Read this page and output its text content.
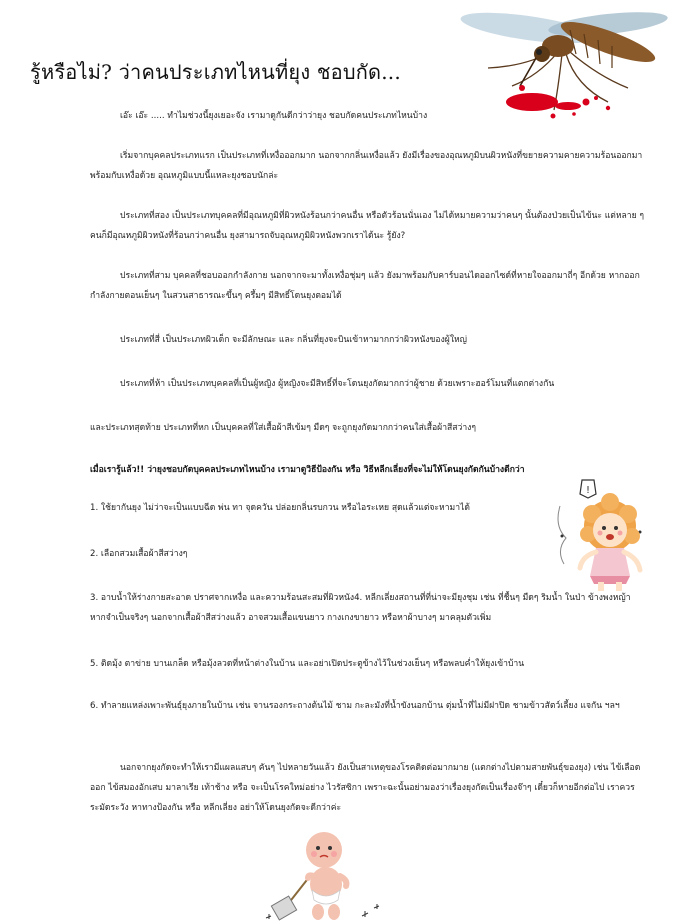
รู้หรือไม่? ว่าคนประเภทไหนที่ยุง ชอบกัด...

เอ๊ะ เอ๊ะ ..... ทำไมช่วงนี้ยุงเยอะจัง เรามาดูกันดีกว่าว่ายุง ชอบกัดคนประเภทไหนบ้าง

เริ่มจากบุคคลประเภทแรก เป็นประเภทที่เหงื่อออกมาก นอกจากกลิ่นเหงื่อแล้ว ยังมีเรื่องของอุณหภูมิบนผิวหนังที่ขยายความคายความร้อนออกมาพร้อมกับเหงื่อด้วย อุณหภูมิแบบนี้แหละยุงชอบนักล่ะ

ประเภทที่สอง เป็นประเภทบุคคลที่มีอุณหภูมิที่ผิวหนังร้อนกว่าคนอื่น หรือตัวร้อนนั่นเอง ไม่ได้หมายความว่าคนๆ นั้นต้องป่วยเป็นไข้นะ แต่หลาย ๆ คนก็มีอุณหภูมิผิวหนังที่ร้อนกว่าคนอื่น ยุงสามารถจับอุณหภูมิผิวหนังพวกเราได้นะ รู้ยัง?

ประเภทที่สาม บุคคลที่ชอบออกกำลังกาย นอกจากจะมาทั้งเหงื่อชุ่มๆ แล้ว ยังมาพร้อมกับคาร์บอนไดออกไซด์ที่หายใจออกมาถี่ๆ อีกด้วย หากออกกำลังกายตอนเย็นๆ ในสวนสาธารณะขึ้นๆ ครึ้มๆ มีสิทธิ์โดนยุงตอมได้

ประเภทที่สี่ เป็นประเภทผิวเด็ก จะมีลักษณะ และ กลิ่นที่ยุงจะบินเข้าหามากกว่าผิวหนังของผู้ใหญ่

ประเภทที่ห้า เป็นประเภทบุคคลที่เป็นผู้หญิง ผู้หญิงจะมีสิทธิ์ที่จะโดนยุงกัดมากกว่าผู้ชาย ด้วยเพราะฮอร์โมนที่แตกต่างกัน

และประเภทสุดท้าย ประเภทที่หก เป็นบุคคลที่ใส่เสื้อผ้าสีเข้มๆ มืดๆ จะถูกยุงกัดมากกว่าคนใส่เสื้อผ้าสีสว่างๆ

เมื่อเรารู้แล้ว!! ว่ายุงชอบกัดบุคคลประเภทไหนบ้าง เรามาดูวิธีป้องกัน หรือ วิธีหลีกเลี่ยงที่จะไม่ให้โดนยุงกัดกันบ้างดีกว่า

!

1. ใช้ยากันยุง ไม่ว่าจะเป็นแบบฉีด พ่น ทา จุดควัน ปล่อยกลิ่นรบกวน หรือไอระเหย สุดแล้วแต่จะหามาได้

2. เลือกสวมเสื้อผ้าสีสว่างๆ

3. อาบน้ำให้ร่างกายสะอาด ปราศจากเหงื่อ และความร้อนสะสมที่ผิวหนัง4. หลีกเลี่ยงสถานที่ที่น่าจะมียุงชุม เช่น ที่ชื้นๆ มืดๆ ริมน้ำ ในป่า ข้างพงหญ้า หากจำเป็นจริงๆ นอกจากเสื้อผ้าสีสว่างแล้ว อาจสวมเสื้อแขนยาว กางเกงขายาว หรือหาผ้าบางๆ มาคลุมตัวเพิ่ม

5. ติดมุ้ง ตาข่าย บานเกล็ด หรือมุ้งลวดที่หน้าต่างในบ้าน และอย่าเปิดประตูข้างไว้ในช่วงเย็นๆ หรือพลบค่ำให้ยุงเข้าบ้าน

6. ทำลายแหล่งเพาะพันธุ์ยุงภายในบ้าน เช่น จานรองกระถางต้นไม้ ชาม กะละมังที่น้ำขังนอกบ้าน ตุ่มน้ำที่ไม่มีฝาปิด ชามข้าวสัตว์เลี้ยง แจกัน ฯลฯ

นอกจากยุงกัดจะทำให้เรามีแผลแสบๆ คันๆ ไปหลายวันแล้ว ยังเป็นสาเหตุของโรคติดต่อมากมาย (แตกต่างไปตามสายพันธุ์ของยุง) เช่น ไข้เลือดออก ไข้สมองอักเสบ มาลาเรีย เท้าช้าง หรือ จะเป็นโรคใหม่อย่าง ไวรัสซิกา เพราะฉะนั้นอย่ามองว่าเรื่องยุงกัดเป็นเรื่องจ๊าๆ เดี๋ยวก็หายอีกต่อไป เราควรระมัดระวัง หาทางป้องกัน หรือ หลีกเลี่ยง อย่าให้โดนยุงกัดจะดีกว่าค่ะ
